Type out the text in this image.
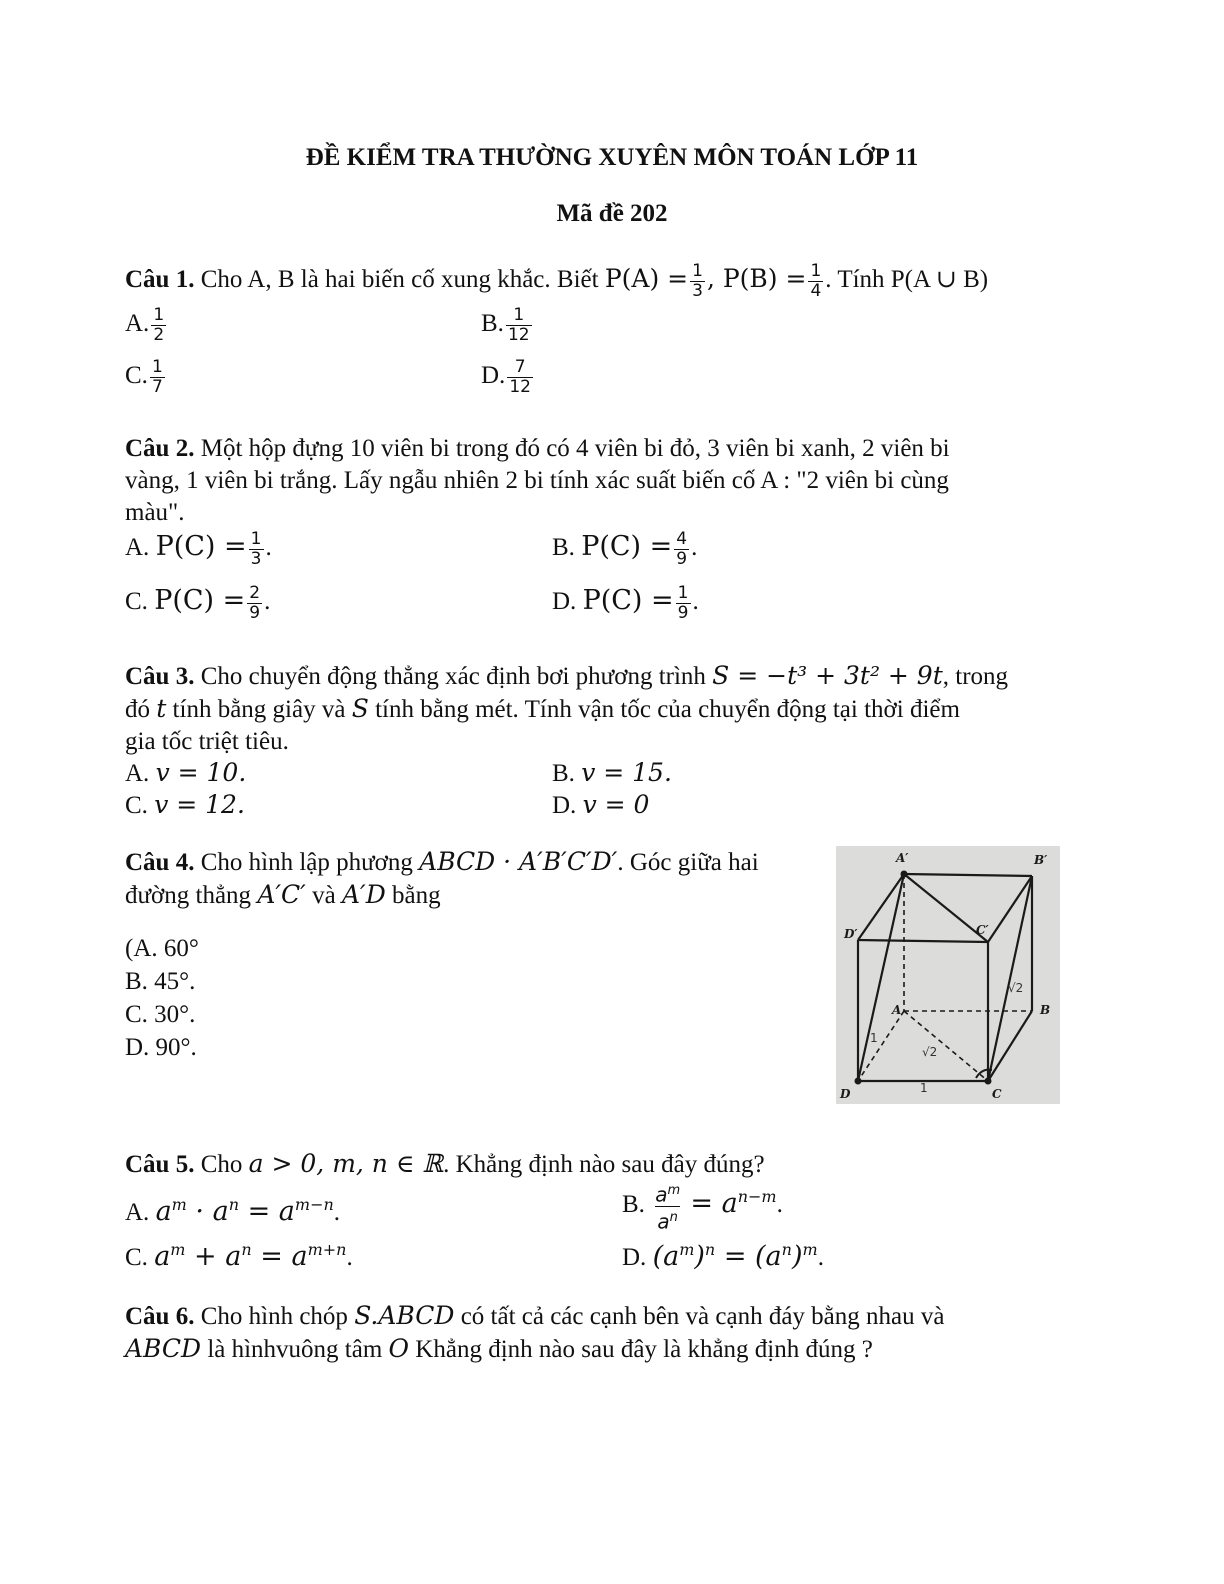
ĐỀ KIỂM TRA THƯỜNG XUYÊN MÔN TOÁN LỚP 11
Mã đề 202
Câu 1. Cho A, B là hai biến cố xung khắc. Biết $P(A) = \frac{1}{3}$ , $P(B) = \frac{1}{4}$ . Tính P(A ∪ B)
A. $\frac{1}{2}$	B. $\frac{1}{12}$
C. $\frac{1}{7}$	D. $\frac{7}{12}$
Câu 2. Một hộp đựng 10 viên bi trong đó có 4 viên bi đỏ, 3 viên bi xanh, 2 viên bi
vàng, 1 viên bi trắng. Lấy ngẫu nhiên 2 bi tính xác suất biến cố A : "2 viên bi cùng
màu".
A. $P(C) = \frac{1}{3}$ .	B. $P(C) = \frac{4}{9}$ .
C. $P(C) = \frac{2}{9}$ .	D. $P(C) = \frac{1}{9}$ .
Câu 3. Cho chuyển động thẳng xác định bơi phương trình S = −t³ + 3t² + 9t, trong
đó t tính bằng giây và S tính bằng mét. Tính vận tốc của chuyển động tại thời điểm
gia tốc triệt tiêu.
A. v = 10.	B. v = 15.
C. v = 12.	D. v = 0
Câu 4. Cho hình lập phương ABCD · A′B′C′D′. Góc giữa hai
đường thẳng A′C′ và A′D bằng
(A. 60°
B. 45°.
C. 30°.
D. 90°.
A′	B′
C′
D′
A	B
C
D
√2
√2
1
1
Câu 5. Cho a > 0, m, n ∈ ℝ. Khẳng định nào sau đây đúng?
A. $a^m \cdot a^n = a^{m-n}$.	B. $\frac{a^m}{a^n} = a^{n-m}$.
C. $a^m + a^n = a^{m+n}$.	D. $(a^m)^n = (a^n)^m$.
Câu 6. Cho hình chóp S.ABCD có tất cả các cạnh bên và cạnh đáy bằng nhau và
ABCD là hìnhvuông tâm O Khẳng định nào sau đây là khẳng định đúng ?
